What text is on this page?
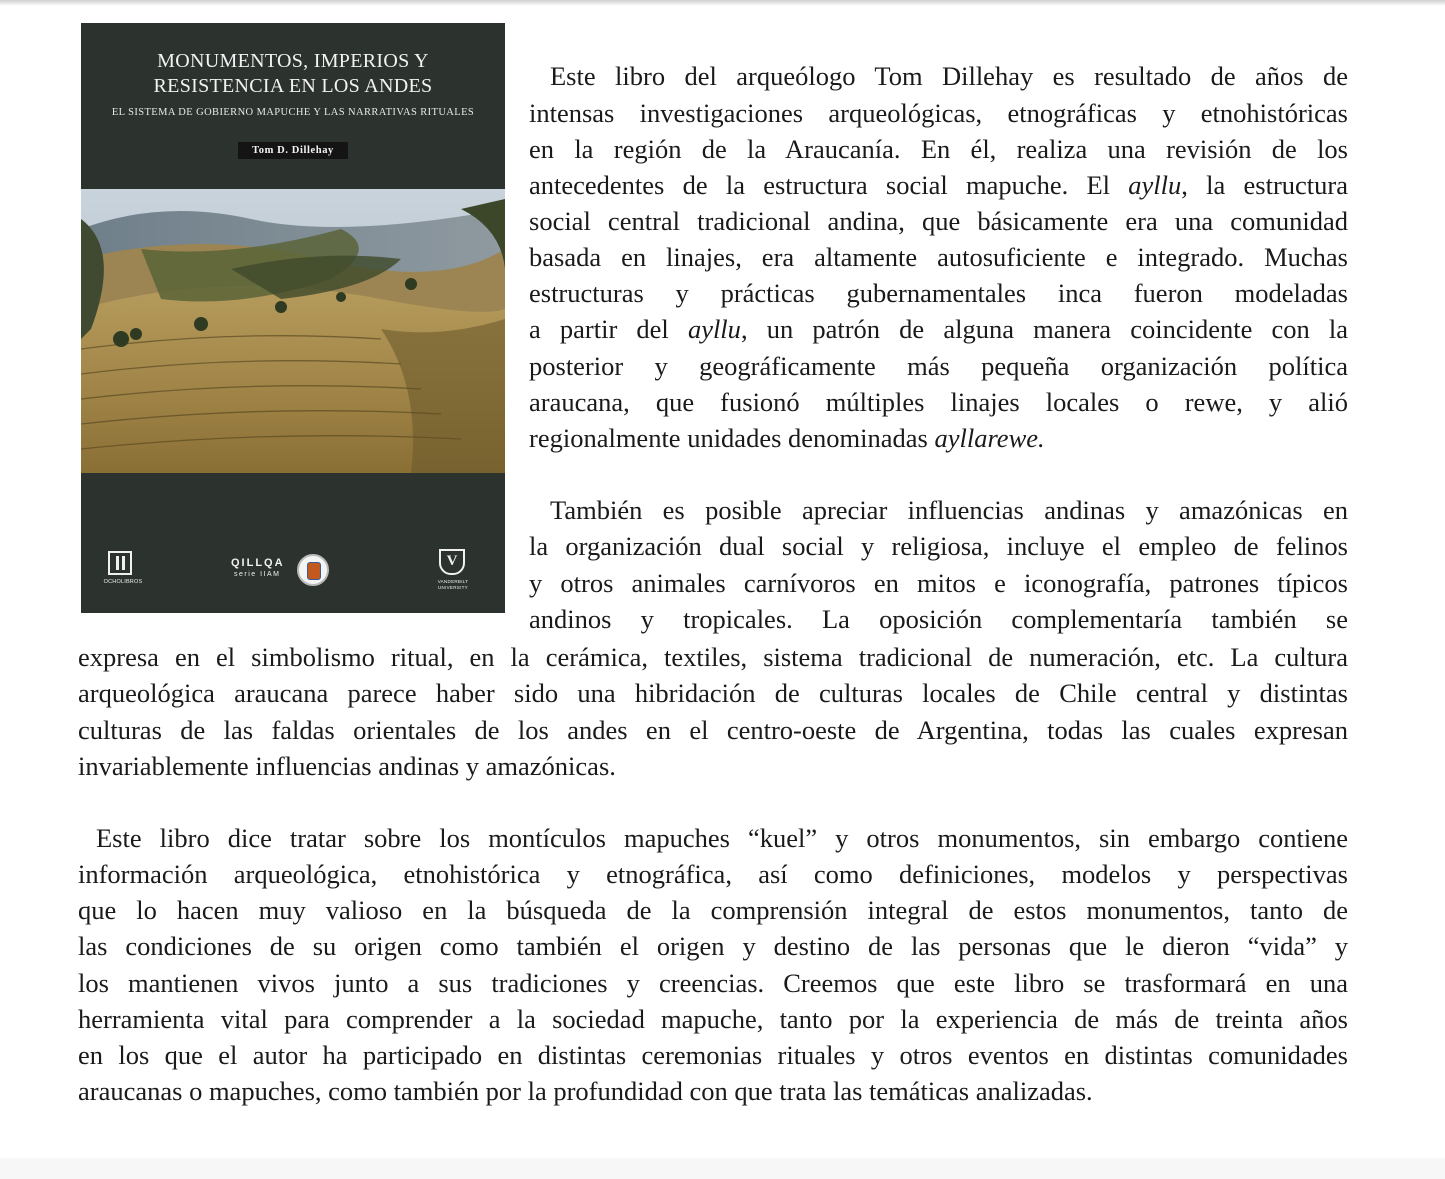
MONUMENTOS, IMPERIOS Y
RESISTENCIA EN LOS ANDES
EL SISTEMA DE GOBIERNO MAPUCHE Y LAS NARRATIVAS RITUALES
Tom D. Dillehay
OCHOLIBROS
QILLQA
serie IIAM
V
VANDERBILT
UNIVERSITY
Este libro del arqueólogo Tom Dillehay es resultado de años de
intensas investigaciones arqueológicas, etnográficas y etnohistóricas
en la región de la Araucanía. En él, realiza una revisión de los
antecedentes de la estructura social mapuche. El ayllu, la estructura
social central tradicional andina, que básicamente era una comunidad
basada en linajes, era altamente autosuficiente e integrado. Muchas
estructuras y prácticas gubernamentales inca fueron modeladas
a partir del ayllu, un patrón de alguna manera coincidente con la
posterior y geográficamente más pequeña organización política
araucana, que fusionó múltiples linajes locales o rewe, y alió
regionalmente unidades denominadas ayllarewe.
También es posible apreciar influencias andinas y amazónicas en
la organización dual social y religiosa, incluye el empleo de felinos
y otros animales carnívoros en mitos e iconografía, patrones típicos
andinos y tropicales. La oposición complementaría también se
expresa en el simbolismo ritual, en la cerámica, textiles, sistema tradicional de numeración, etc. La cultura
arqueológica araucana parece haber sido una hibridación de culturas locales de Chile central y distintas
culturas de las faldas orientales de los andes en el centro-oeste de Argentina, todas las cuales expresan
invariablemente influencias andinas y amazónicas.
Este libro dice tratar sobre los montículos mapuches “kuel” y otros monumentos, sin embargo contiene
información arqueológica, etnohistórica y etnográfica, así como definiciones, modelos y perspectivas
que lo hacen muy valioso en la búsqueda de la comprensión integral de estos monumentos, tanto de
las condiciones de su origen como también el origen y destino de las personas que le dieron “vida” y
los mantienen vivos junto a sus tradiciones y creencias. Creemos que este libro se trasformará en una
herramienta vital para comprender a la sociedad mapuche, tanto por la experiencia de más de treinta años
en los que el autor ha participado en distintas ceremonias rituales y otros eventos en distintas comunidades
araucanas o mapuches, como también por la profundidad con que trata las temáticas analizadas.
